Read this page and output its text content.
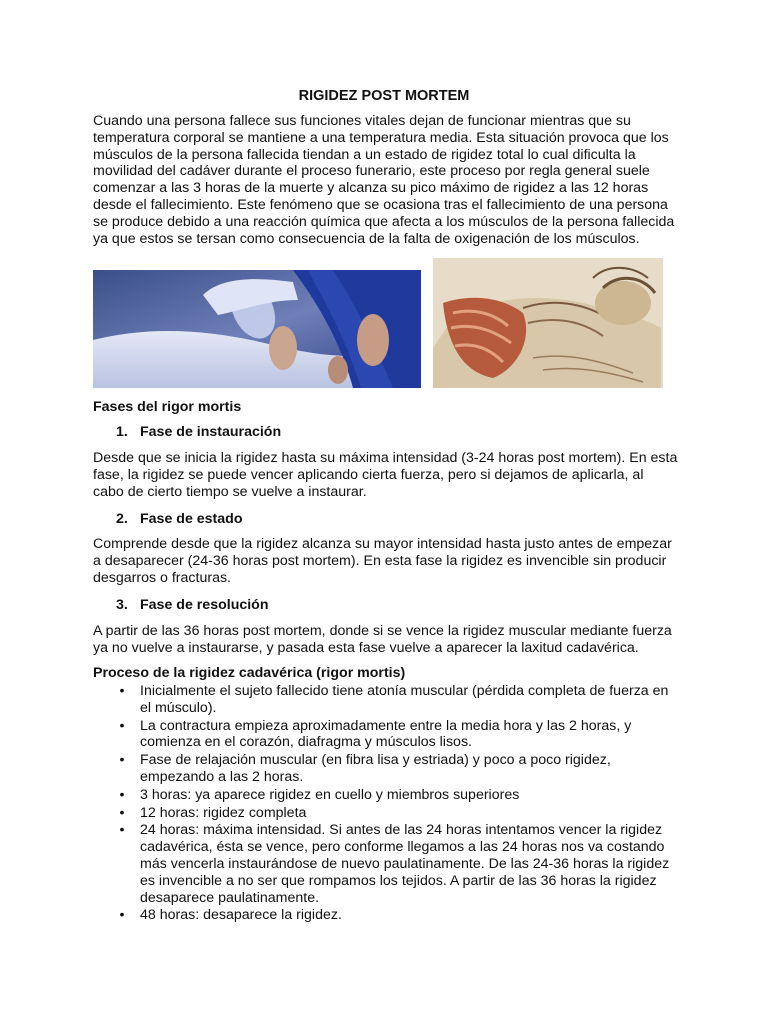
RIGIDEZ POST MORTEM

Cuando una persona fallece sus funciones vitales dejan de funcionar mientras que su temperatura corporal se mantiene a una temperatura media. Esta situación provoca que los músculos de la persona fallecida tiendan a un estado de rigidez total lo cual dificulta la movilidad del cadáver durante el proceso funerario, este proceso por regla general suele comenzar a las 3 horas de la muerte y alcanza su pico máximo de rigidez a las 12 horas desde el fallecimiento. Este fenómeno que se ocasiona tras el fallecimiento de una persona se produce debido a una reacción química que afecta a los músculos de la persona fallecida ya que estos se tersan como consecuencia de la falta de oxigenación de los músculos.

Fases del rigor mortis
1. Fase de instauración

Desde que se inicia la rigidez hasta su máxima intensidad (3-24 horas post mortem). En esta fase, la rigidez se puede vencer aplicando cierta fuerza, pero si dejamos de aplicarla, al cabo de cierto tiempo se vuelve a instaurar.

2. Fase de estado

Comprende desde que la rigidez alcanza su mayor intensidad hasta justo antes de empezar a desaparecer (24-36 horas post mortem). En esta fase la rigidez es invencible sin producir desgarros o fracturas.

3. Fase de resolución

A partir de las 36 horas post mortem, donde si se vence la rigidez muscular mediante fuerza ya no vuelve a instaurarse, y pasada esta fase vuelve a aparecer la laxitud cadavérica.

Proceso de la rigidez cadavérica (rigor mortis)
• Inicialmente el sujeto fallecido tiene atonía muscular (pérdida completa de fuerza en el músculo).
• La contractura empieza aproximadamente entre la media hora y las 2 horas, y comienza en el corazón, diafragma y músculos lisos.
• Fase de relajación muscular (en fibra lisa y estriada) y poco a poco rigidez, empezando a las 2 horas.
• 3 horas: ya aparece rigidez en cuello y miembros superiores
• 12 horas: rigidez completa
• 24 horas: máxima intensidad. Si antes de las 24 horas intentamos vencer la rigidez cadavérica, ésta se vence, pero conforme llegamos a las 24 horas nos va costando más vencerla instaurándose de nuevo paulatinamente. De las 24-36 horas la rigidez es invencible a no ser que rompamos los tejidos. A partir de las 36 horas la rigidez desaparece paulatinamente.
• 48 horas: desaparece la rigidez.
